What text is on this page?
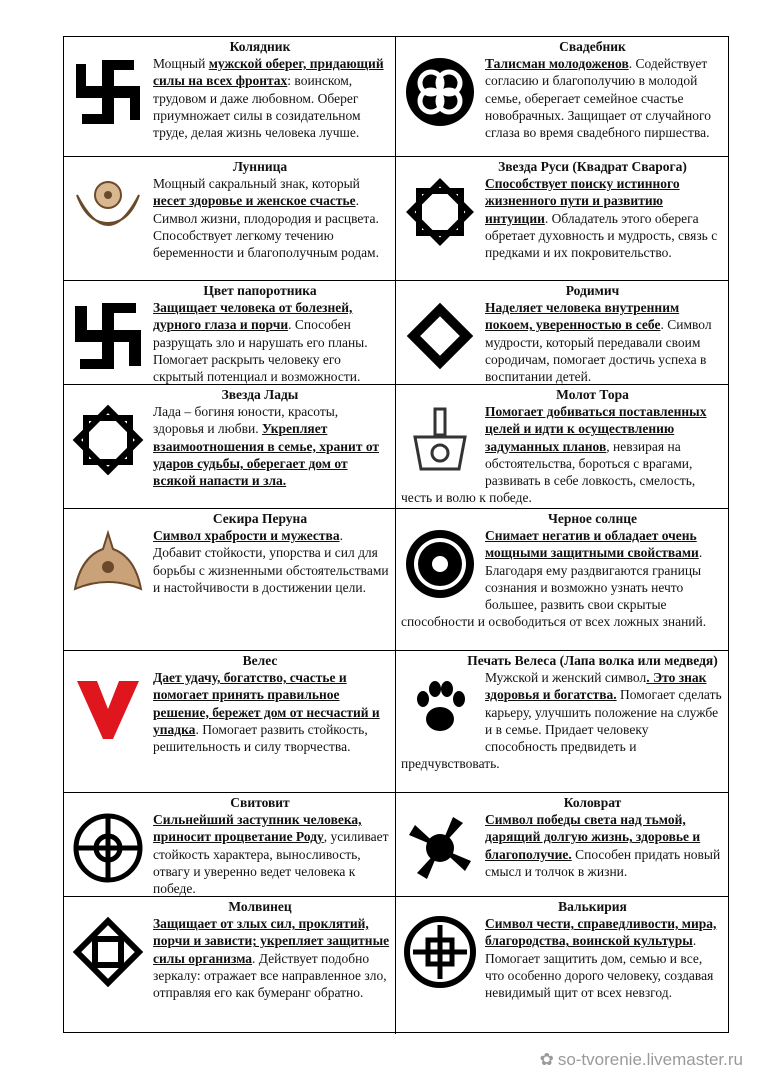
Колядник
Мощный мужской оберег, придающий силы на всех фронтах: воинском, трудовом и даже любовном. Оберег приумножает силы в созидательном труде, делая жизнь человека лучше.
Свадебник
Талисман молодоженов. Содействует согласию и благополучию в молодой семье, оберегает семейное счастье новобрачных. Защищает от случайного сглаза во время свадебного пиршества.
Лунница
Мощный сакральный знак, который несет здоровье и женское счастье. Символ жизни, плодородия и расцвета. Способствует легкому течению беременности и благополучным родам.
Звезда Руси (Квадрат Сварога)
Способствует поиску истинного жизненного пути и развитию интуиции. Обладатель этого оберега обретает духовность и мудрость, связь с предками и их покровительство.
Цвет папоротника
Защищает человека от болезней, дурного глаза и порчи. Способен разрущать зло и нарушать его планы. Помогает раскрыть человеку его скрытый потенциал и возможности.
Родимич
Наделяет человека внутренним покоем, уверенностью в себе. Символ мудрости, который передавали своим сородичам, помогает достичь успеха в воспитании детей.
Звезда Лады
Лада – богиня юности, красоты, здоровья и любви. Укрепляет взаимоотношения в семье, хранит от ударов судьбы, оберегает дом от всякой напасти и зла.
Молот Тора
Помогает добиваться поставленных целей и идти к осуществлению задуманных планов, невзирая на обстоятельства, бороться с врагами, развивать в себе ловкость, смелость, честь и волю к победе.
Секира Перуна
Символ храбрости и мужества. Добавит стойкости, упорства и сил для борьбы с жизненными обстоятельствами и настойчивости в достижении цели.
Черное солнце
Снимает негатив и обладает очень мощными защитными свойствами. Благодаря ему раздвигаются границы сознания и возможно узнать нечто большее, развить свои скрытые способности и освободиться от всех ложных знаний.
Велес
Дает удачу, богатство, счастье и помогает принять правильное решение, бережет дом от несчастий и упадка. Помогает развить стойкость, решительность и силу творчества.
Печать Велеса (Лапа волка или медведя)
Мужской и женский символ. Это знак здоровья и богатства. Помогает сделать карьеру, улучшить положение на службе и в семье. Придает человеку способность предвидеть и предчувствовать.
Свитовит
Сильнейший заступник человека, приносит процветание Роду, усиливает стойкость характера, выносливость, отвагу и уверенно ведет человека к победе.
Коловрат
Символ победы света над тьмой, дарящий долгую жизнь, здоровье и благополучие. Способен придать новый смысл и толчок в жизни.
Молвинец
Защищает от злых сил, проклятий, порчи и зависти; укрепляет защитные силы организма. Действует подобно зеркалу: отражает все направленное зло, отправляя его как бумеранг обратно.
Валькирия
Символ чести, справедливости, мира, благородства, воинской культуры. Помогает защитить дом, семью и все, что особенно дорого человеку, создавая невидимый щит от всех невзгод.
✿ so-tvorenie.livemaster.ru
